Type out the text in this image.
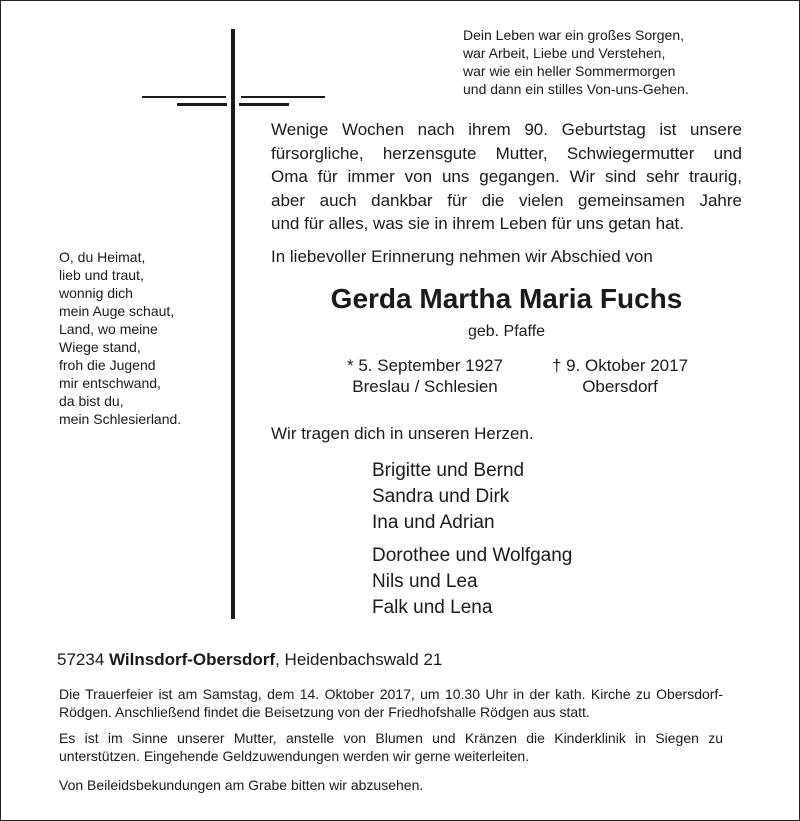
Dein Leben war ein großes Sorgen,
war Arbeit, Liebe und Verstehen,
war wie ein heller Sommermorgen
und dann ein stilles Von-uns-Gehen.
O, du Heimat,
lieb und traut,
wonnig dich
mein Auge schaut,
Land, wo meine
Wiege stand,
froh die Jugend
mir entschwand,
da bist du,
mein Schlesierland.
Wenige Wochen nach ihrem 90. Geburtstag ist unsere
fürsorgliche, herzensgute Mutter, Schwiegermutter und
Oma für immer von uns gegangen. Wir sind sehr traurig,
aber auch dankbar für die vielen gemeinsamen Jahre
und für alles, was sie in ihrem Leben für uns getan hat.
In liebevoller Erinnerung nehmen wir Abschied von
Gerda Martha Maria Fuchs
geb. Pfaffe
* 5. September 1927
Breslau / Schlesien
† 9. Oktober 2017
Obersdorf
Wir tragen dich in unseren Herzen.
Brigitte und Bernd
Sandra und Dirk
Ina und Adrian
Dorothee und Wolfgang
Nils und Lea
Falk und Lena
57234 Wilnsdorf-Obersdorf, Heidenbachswald 21
Die Trauerfeier ist am Samstag, dem 14. Oktober 2017, um 10.30 Uhr in der kath. Kirche zu Obersdorf-Rödgen. Anschließend findet die Beisetzung von der Friedhofshalle Rödgen aus statt.
Es ist im Sinne unserer Mutter, anstelle von Blumen und Kränzen die Kinderklinik in Siegen zu unterstützen. Eingehende Geldzuwendungen werden wir gerne weiterleiten.
Von Beileidsbekundungen am Grabe bitten wir abzusehen.
